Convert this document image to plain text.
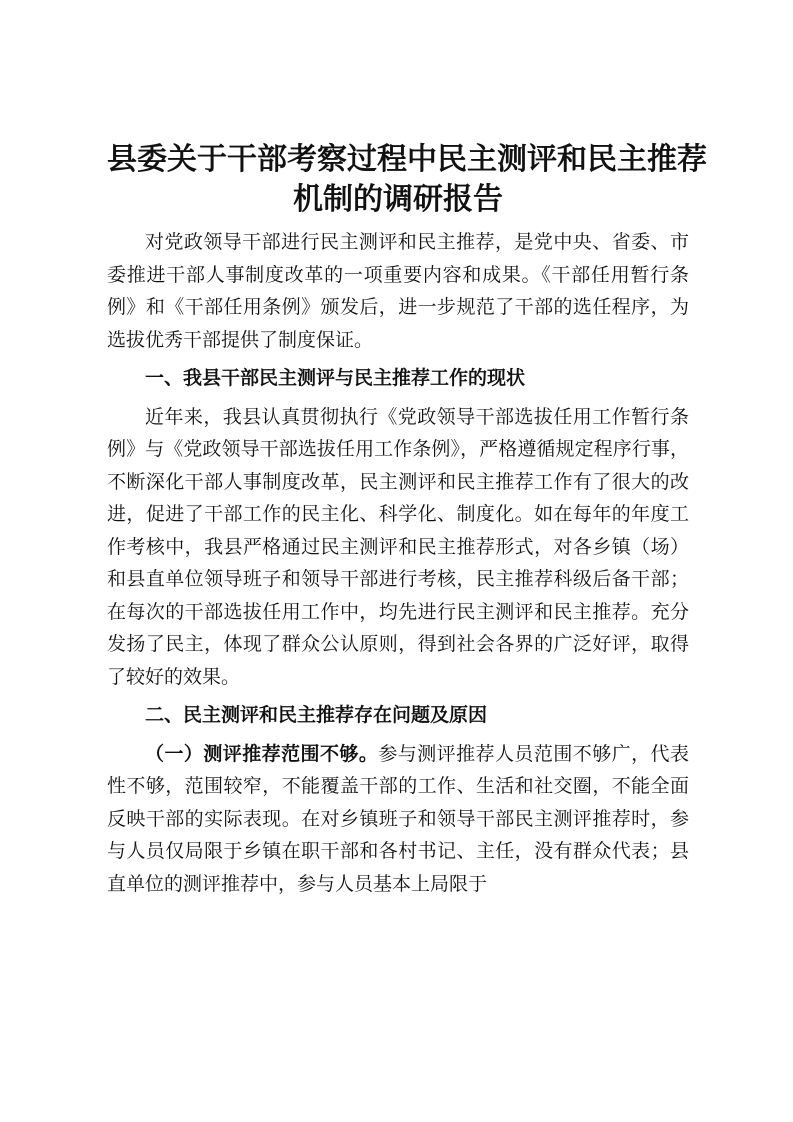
县委关于干部考察过程中民主测评和民主推荐
机制的调研报告

对党政领导干部进行民主测评和民主推荐，是党中央、省委、市委推进干部人事制度改革的一项重要内容和成果。《干部任用暂行条例》和《干部任用条例》颁发后，进一步规范了干部的选任程序，为选拔优秀干部提供了制度保证。

一、我县干部民主测评与民主推荐工作的现状

近年来，我县认真贯彻执行《党政领导干部选拔任用工作暂行条例》与《党政领导干部选拔任用工作条例》，严格遵循规定程序行事，不断深化干部人事制度改革，民主测评和民主推荐工作有了很大的改进，促进了干部工作的民主化、科学化、制度化。如在每年的年度工作考核中，我县严格通过民主测评和民主推荐形式，对各乡镇（场）和县直单位领导班子和领导干部进行考核，民主推荐科级后备干部；在每次的干部选拔任用工作中，均先进行民主测评和民主推荐。充分发扬了民主，体现了群众公认原则，得到社会各界的广泛好评，取得了较好的效果。

二、民主测评和民主推荐存在问题及原因

（一）测评推荐范围不够。参与测评推荐人员范围不够广，代表性不够，范围较窄，不能覆盖干部的工作、生活和社交圈，不能全面反映干部的实际表现。在对乡镇班子和领导干部民主测评推荐时，参与人员仅局限于乡镇在职干部和各村书记、主任，没有群众代表；县直单位的测评推荐中，参与人员基本上局限于
